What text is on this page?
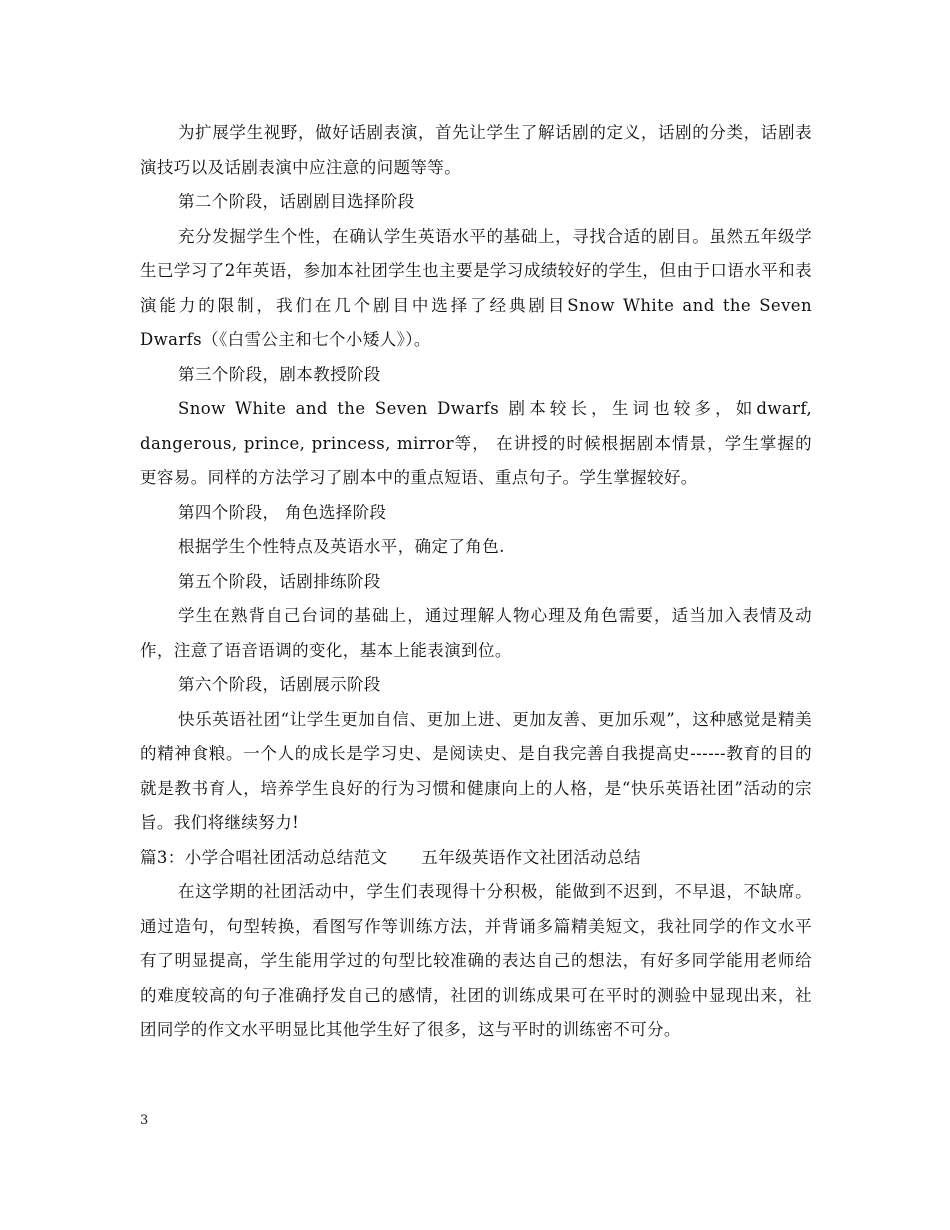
为扩展学生视野，做好话剧表演，首先让学生了解话剧的定义，话剧的分类，话剧表演技巧以及话剧表演中应注意的问题等等。

第二个阶段，话剧剧目选择阶段

充分发掘学生个性，在确认学生英语水平的基础上，寻找合适的剧目。虽然五年级学生已学习了2年英语，参加本社团学生也主要是学习成绩较好的学生，但由于口语水平和表演能力的限制，我们在几个剧目中选择了经典剧目Snow White and the Seven Dwarfs（《白雪公主和七个小矮人》）。

第三个阶段，剧本教授阶段

Snow White and the Seven Dwarfs 剧本较长，生词也较多，如dwarf, dangerous, prince, princess, mirror等， 在讲授的时候根据剧本情景，学生掌握的更容易。同样的方法学习了剧本中的重点短语、重点句子。学生掌握较好。

第四个阶段， 角色选择阶段

根据学生个性特点及英语水平，确定了角色.

第五个阶段，话剧排练阶段

学生在熟背自己台词的基础上，通过理解人物心理及角色需要，适当加入表情及动作，注意了语音语调的变化，基本上能表演到位。

第六个阶段，话剧展示阶段

快乐英语社团“让学生更加自信、更加上进、更加友善、更加乐观”，这种感觉是精美的精神食粮。一个人的成长是学习史、是阅读史、是自我完善自我提高史------教育的目的就是教书育人，培养学生良好的行为习惯和健康向上的人格，是“快乐英语社团”活动的宗旨。我们将继续努力!

篇3：小学合唱社团活动总结范文　　五年级英语作文社团活动总结

在这学期的社团活动中，学生们表现得十分积极，能做到不迟到，不早退，不缺席。通过造句，句型转换，看图写作等训练方法，并背诵多篇精美短文，我社同学的作文水平有了明显提高，学生能用学过的句型比较准确的表达自己的想法，有好多同学能用老师给的难度较高的句子准确抒发自己的感情，社团的训练成果可在平时的测验中显现出来，社团同学的作文水平明显比其他学生好了很多，这与平时的训练密不可分。

3
